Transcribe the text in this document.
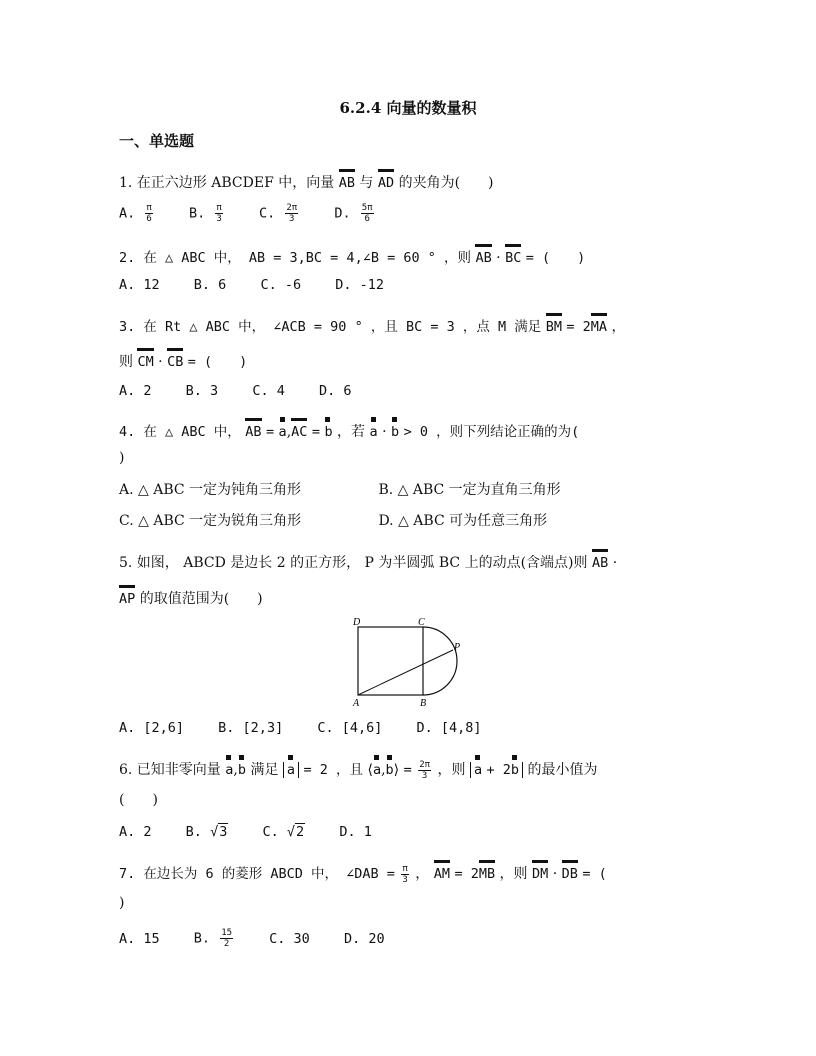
6.2.4 向量的数量积
一、单选题
1. 在正六边形 ABCDEF 中，向量 AB 与 AD 的夹角为(　　)
A. $\frac{\pi}{6}$	B. $\frac{\pi}{3}$	C. $\frac{2\pi}{3}$	D. $\frac{5\pi}{6}$
2. 在 △ ABC 中， AB = 3,BC = 4,∠B = 60 ° ，则 AB · BC = (　　)
A. 12	B. 6	C. -6	D. -12
3. 在 Rt △ ABC 中， ∠ACB = 90 ° ，且 BC = 3 ，点 M 满足 BM = 2MA ，
则 CM · CB = (　　)
A. 2	B. 3	C. 4	D. 6
4. 在 △ ABC 中， AB = a,AC = b ，若 a · b > 0 ，则下列结论正确的为(
)
A. △ ABC 一定为钝角三角形	B. △ ABC 一定为直角三角形
C. △ ABC 一定为锐角三角形	D. △ ABC 可为任意三角形
5. 如图， ABCD 是边长 2 的正方形， P 为半圆弧 BC 上的动点(含端点)则 AB ·
AP 的取值范围为(　　)
D	C
P
A	B
A. [2,6]	B. [2,3]	C. [4,6]	D. [4,8]
6. 已知非零向量 a,b 满足 a = 2 ，且 ⟨a,b⟩ = $\frac{2\pi}{3}$ ，则 a + 2b 的最小值为
(　　)
A. 2	B. √3	C. √2	D. 1
7. 在边长为 6 的菱形 ABCD 中， ∠DAB = $\frac{\pi}{3}$ ， AM = 2MB ，则 DM · DB = (
)
A. 15	B. $\frac{15}{2}$	C. 30	D. 20
